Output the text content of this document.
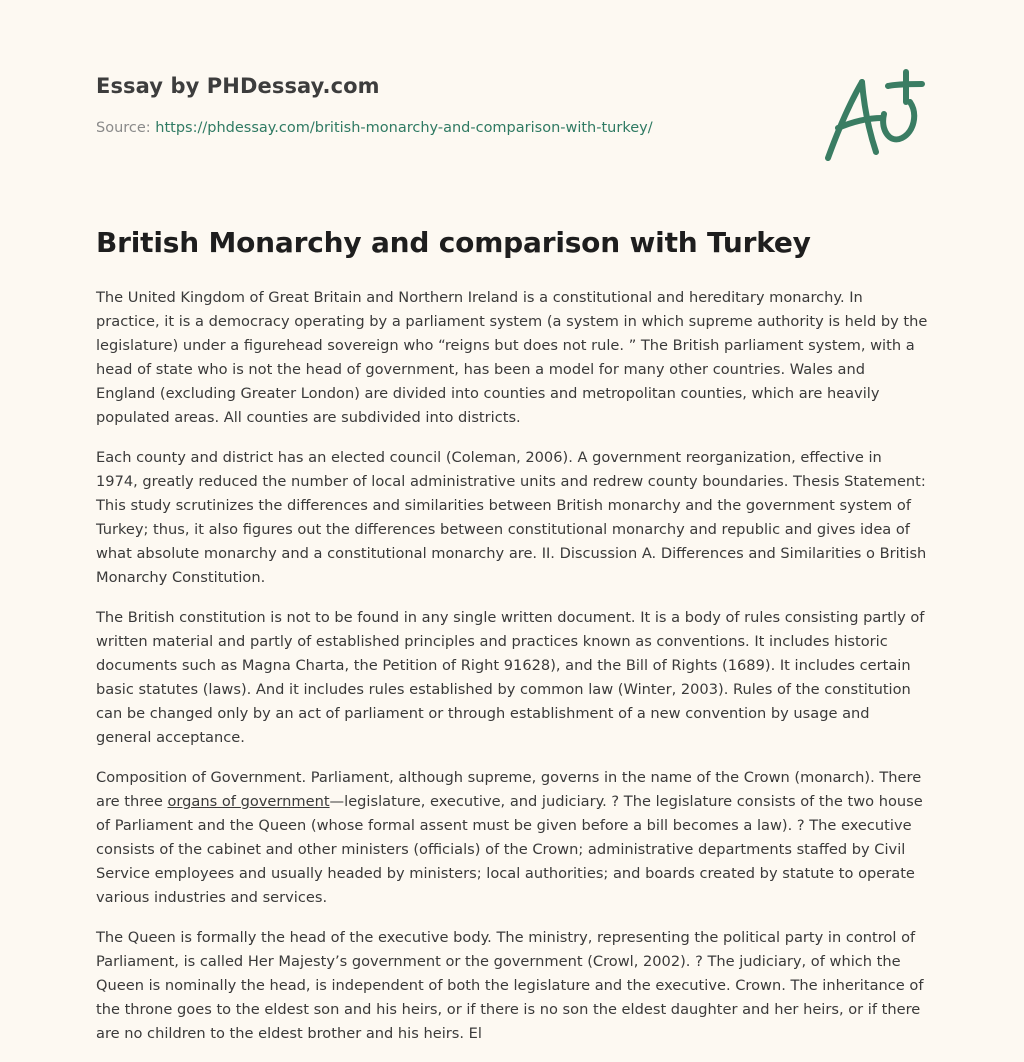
Essay by PHDessay.com
Source: https://phdessay.com/british-monarchy-and-comparison-with-turkey/
British Monarchy and comparison with Turkey

The United Kingdom of Great Britain and Northern Ireland is a constitutional and hereditary monarchy. In practice, it is a democracy operating by a parliament system (a system in which supreme authority is held by the legislature) under a figurehead sovereign who “reigns but does not rule. ” The British parliament system, with a head of state who is not the head of government, has been a model for many other countries. Wales and England (excluding Greater London) are divided into counties and metropolitan counties, which are heavily populated areas. All counties are subdivided into districts.

Each county and district has an elected council (Coleman, 2006). A government reorganization, effective in 1974, greatly reduced the number of local administrative units and redrew county boundaries. Thesis Statement: This study scrutinizes the differences and similarities between British monarchy and the government system of Turkey; thus, it also figures out the differences between constitutional monarchy and republic and gives idea of what absolute monarchy and a constitutional monarchy are. II. Discussion A. Differences and Similarities o British Monarchy Constitution.

The British constitution is not to be found in any single written document. It is a body of rules consisting partly of written material and partly of established principles and practices known as conventions. It includes historic documents such as Magna Charta, the Petition of Right 91628), and the Bill of Rights (1689). It includes certain basic statutes (laws). And it includes rules established by common law (Winter, 2003). Rules of the constitution can be changed only by an act of parliament or through establishment of a new convention by usage and general acceptance.

Composition of Government. Parliament, although supreme, governs in the name of the Crown (monarch). There are three organs of government—legislature, executive, and judiciary. ? The legislature consists of the two house of Parliament and the Queen (whose formal assent must be given before a bill becomes a law). ? The executive consists of the cabinet and other ministers (officials) of the Crown; administrative departments staffed by Civil Service employees and usually headed by ministers; local authorities; and boards created by statute to operate various industries and services.

The Queen is formally the head of the executive body. The ministry, representing the political party in control of Parliament, is called Her Majesty’s government or the government (Crowl, 2002). ? The judiciary, of which the Queen is nominally the head, is independent of both the legislature and the executive. Crown. The inheritance of the throne goes to the eldest son and his heirs, or if there is no son the eldest daughter and her heirs, or if there are no children to the eldest brother and his heirs. El
